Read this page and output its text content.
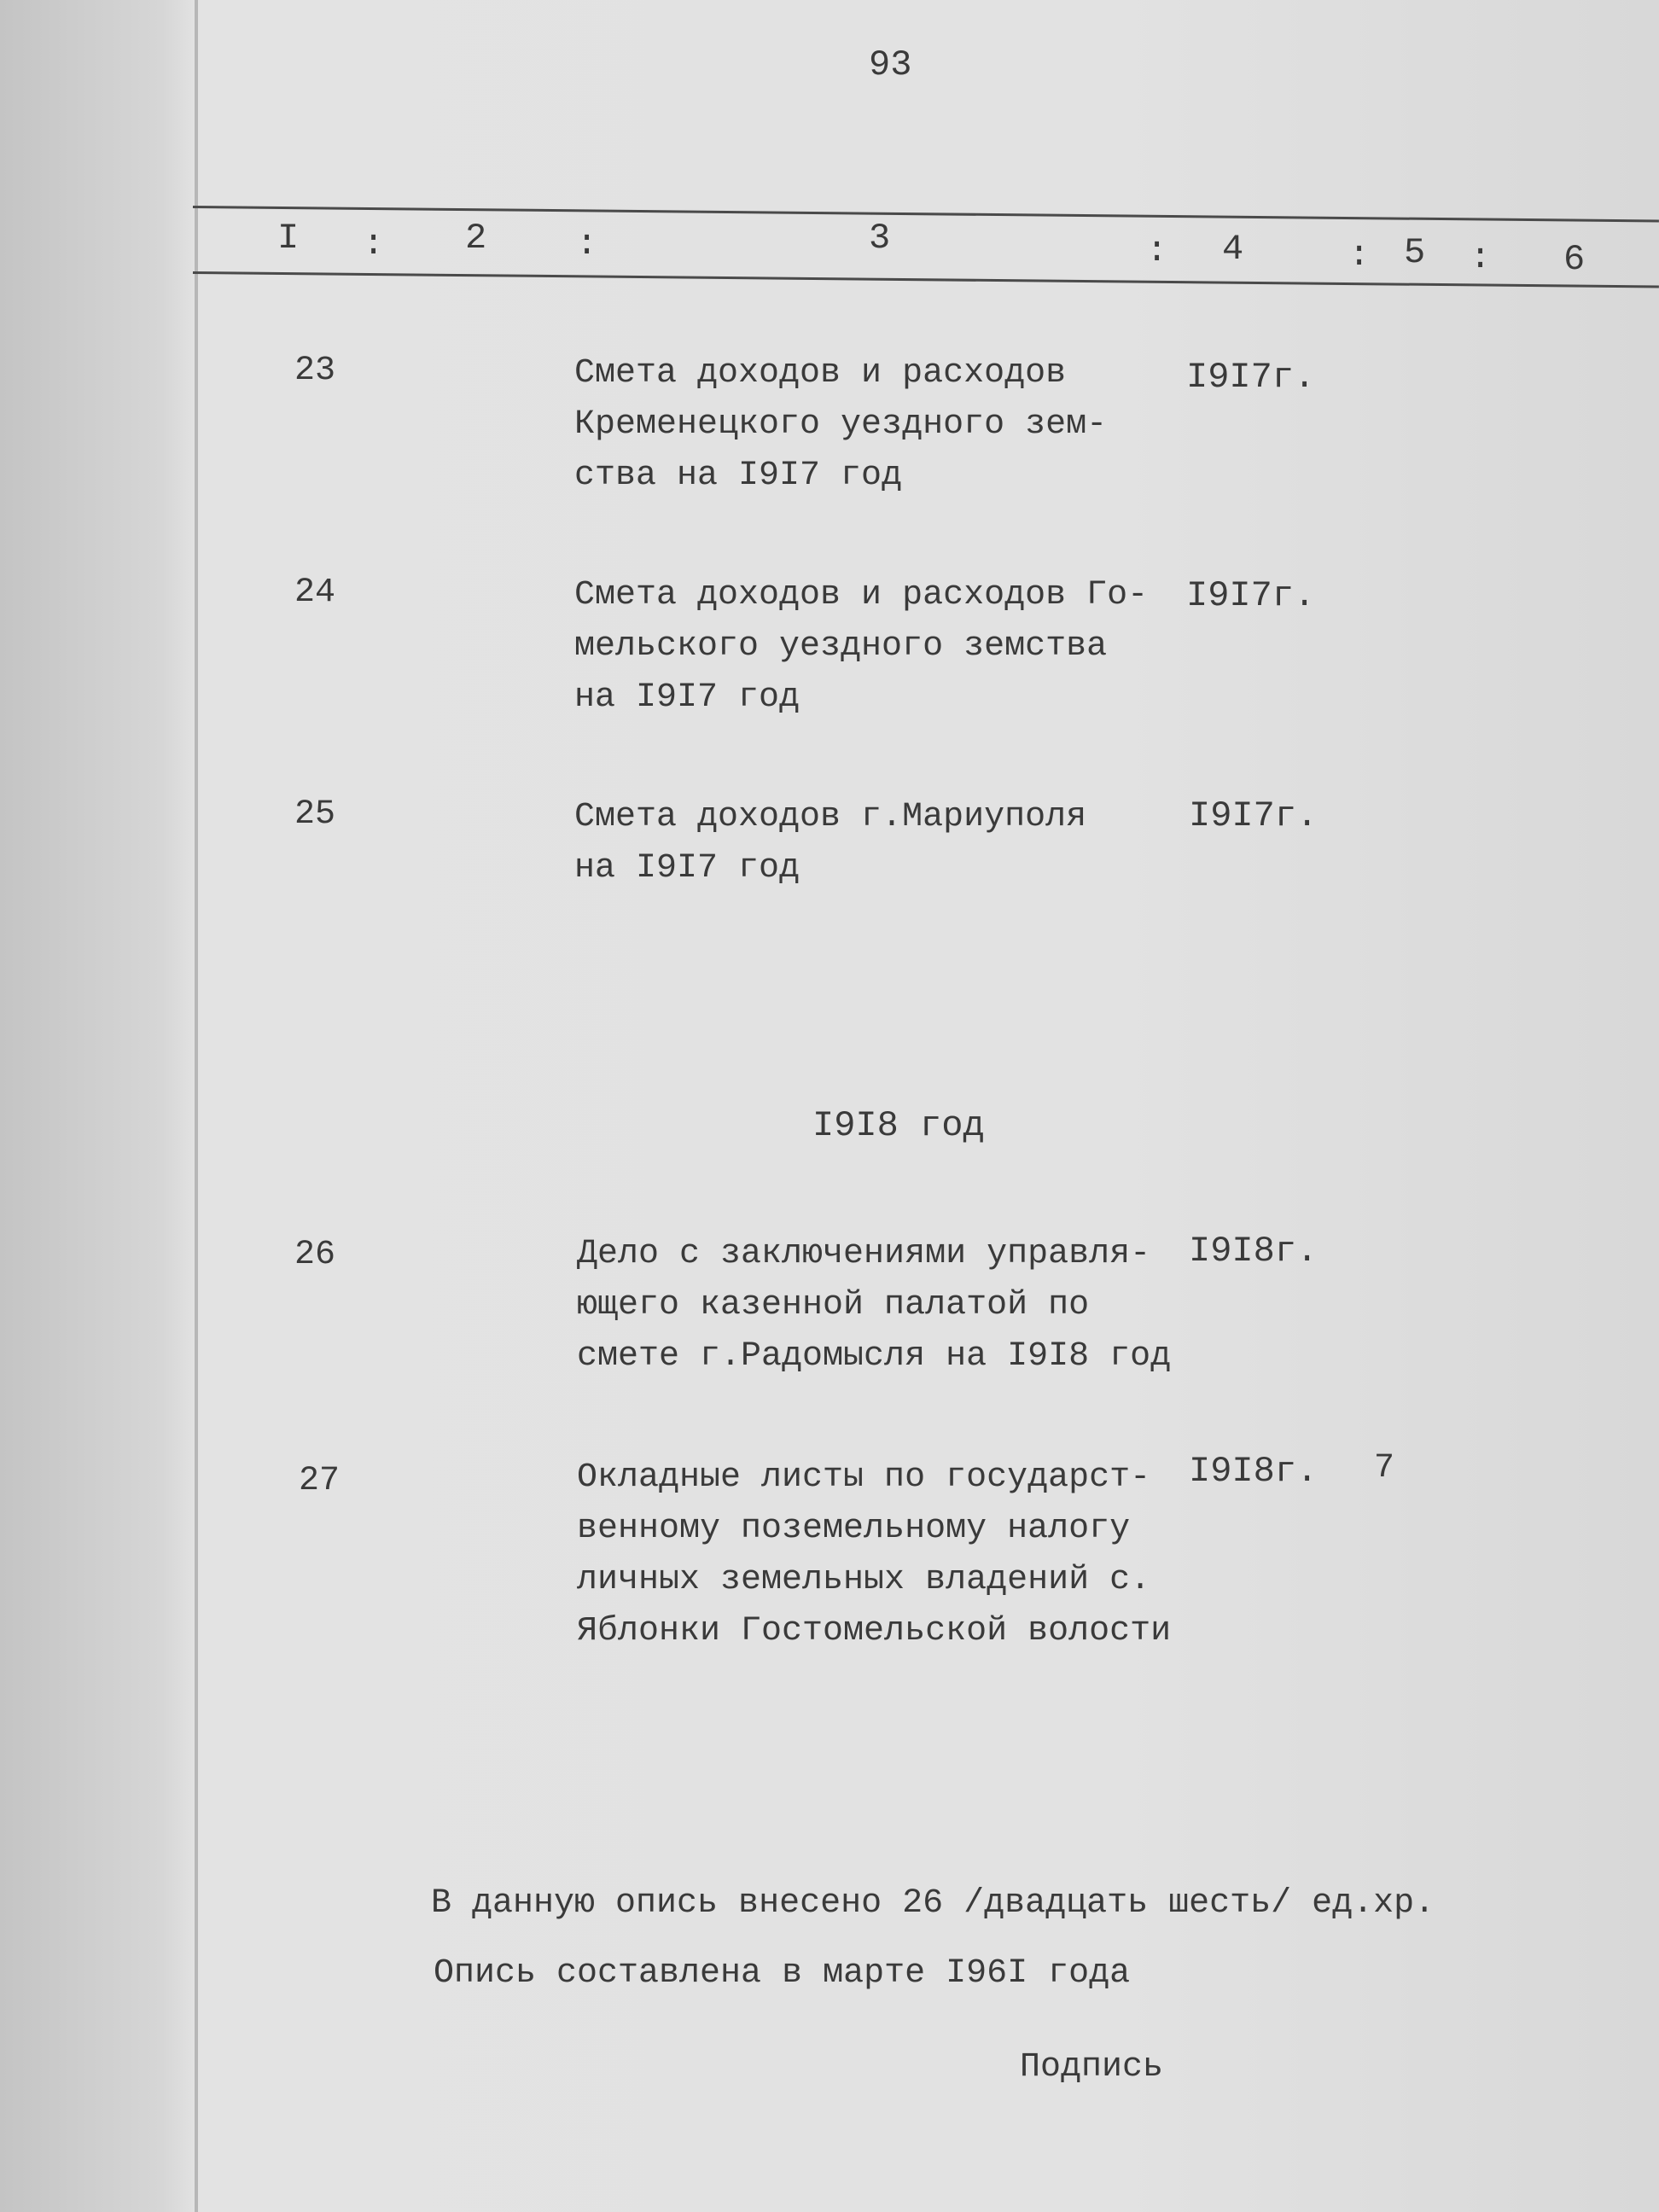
93
I : 2 :	3	: 4	: 5 : 6
23	Смета доходов и расходов
Кременецкого уездного зем-
ства на I9I7 год
I9I7г.
24	Смета доходов и расходов Го-
мельского уездного земства
на I9I7 год
I9I7г.
25	Смета доходов г.Мариуполя
на I9I7 год
I9I7г.
I9I8 год
26	Дело с заключениями управля-
ющего казенной палатой по
смете г.Радомысля на I9I8 год
I9I8г.
27	Окладные листы по государст-
венному поземельному налогу
личных земельных владений с.
Яблонки Гостомельской волости
I9I8г. 7
В данную опись внесено 26 /двадцать шесть/ ед.хр.
Опись составлена в марте I96I года
Подпись
